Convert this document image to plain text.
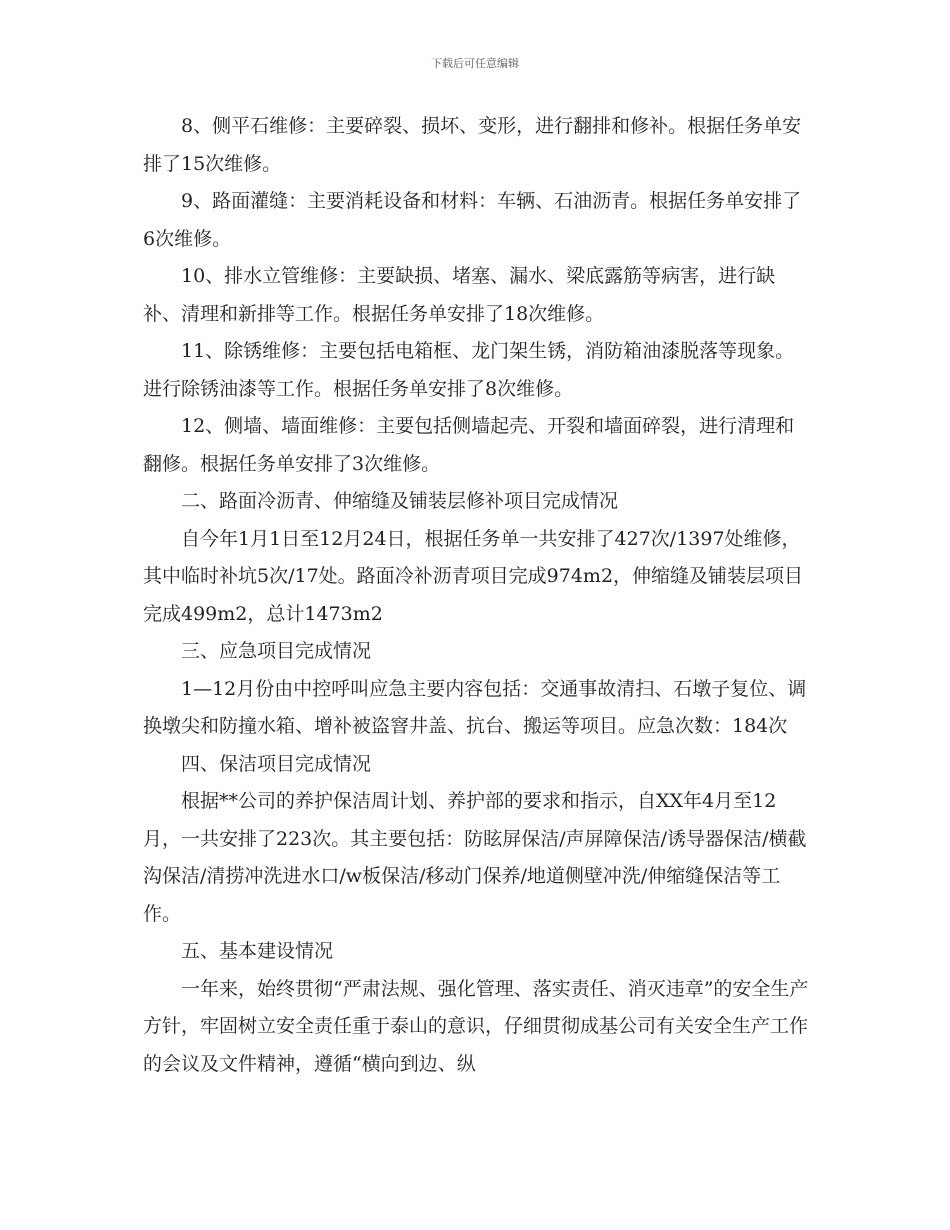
下载后可任意编辑

8、侧平石维修：主要碎裂、损坏、变形，进行翻排和修补。根据任务单安排了15次维修。

9、路面灌缝：主要消耗设备和材料：车辆、石油沥青。根据任务单安排了6次维修。

10、排水立管维修：主要缺损、堵塞、漏水、梁底露筋等病害，进行缺补、清理和新排等工作。根据任务单安排了18次维修。

11、除锈维修：主要包括电箱框、龙门架生锈，消防箱油漆脱落等现象。进行除锈油漆等工作。根据任务单安排了8次维修。

12、侧墙、墙面维修：主要包括侧墙起壳、开裂和墙面碎裂，进行清理和翻修。根据任务单安排了3次维修。

二、路面冷沥青、伸缩缝及铺装层修补项目完成情况

自今年1月1日至12月24日，根据任务单一共安排了427次/1397处维修，其中临时补坑5次/17处。路面冷补沥青项目完成974m2，伸缩缝及铺装层项目完成499m2，总计1473m2

三、应急项目完成情况

1—12月份由中控呼叫应急主要内容包括：交通事故清扫、石墩子复位、调换墩尖和防撞水箱、增补被盗窨井盖、抗台、搬运等项目。应急次数：184次

四、保洁项目完成情况

根据**公司的养护保洁周计划、养护部的要求和指示，自XX年4月至12月，一共安排了223次。其主要包括：防眩屏保洁/声屏障保洁/诱导器保洁/横截沟保洁/清捞冲洗进水口/w板保洁/移动门保养/地道侧壁冲洗/伸缩缝保洁等工作。

五、基本建设情况

一年来，始终贯彻“严肃法规、强化管理、落实责任、消灭违章”的安全生产方针，牢固树立安全责任重于泰山的意识，仔细贯彻成基公司有关安全生产工作的会议及文件精神，遵循“横向到边、纵
